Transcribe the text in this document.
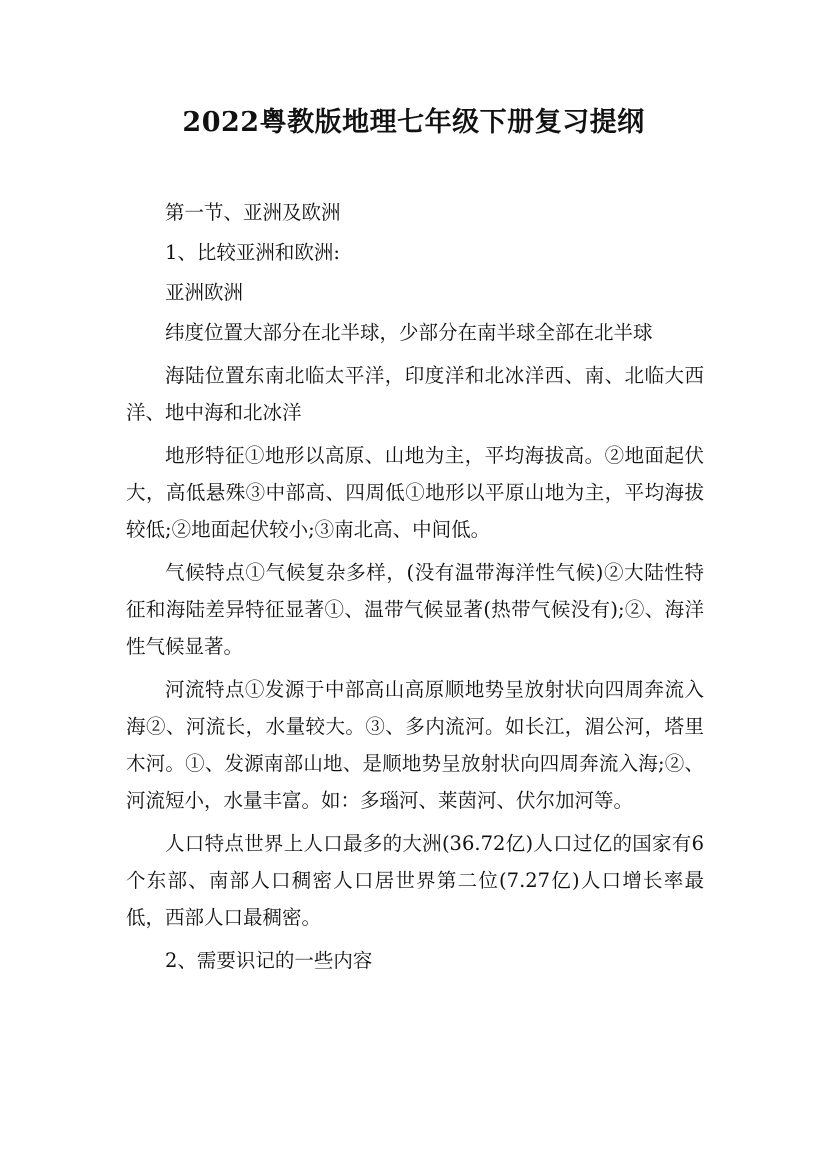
2022粤教版地理七年级下册复习提纲

第一节、亚洲及欧洲

1、比较亚洲和欧洲:

亚洲欧洲

纬度位置大部分在北半球，少部分在南半球全部在北半球

海陆位置东南北临太平洋，印度洋和北冰洋西、南、北临大西洋、地中海和北冰洋

地形特征①地形以高原、山地为主，平均海拔高。②地面起伏大，高低悬殊③中部高、四周低①地形以平原山地为主，平均海拔较低;②地面起伏较小;③南北高、中间低。

气候特点①气候复杂多样，(没有温带海洋性气候)②大陆性特征和海陆差异特征显著①、温带气候显著(热带气候没有);②、海洋性气候显著。

河流特点①发源于中部高山高原顺地势呈放射状向四周奔流入海②、河流长，水量较大。③、多内流河。如长江，湄公河，塔里木河。①、发源南部山地、是顺地势呈放射状向四周奔流入海;②、河流短小，水量丰富。如：多瑙河、莱茵河、伏尔加河等。

人口特点世界上人口最多的大洲(36.72亿)人口过亿的国家有6个东部、南部人口稠密人口居世界第二位(7.27亿)人口增长率最低，西部人口最稠密。

2、需要识记的一些内容
